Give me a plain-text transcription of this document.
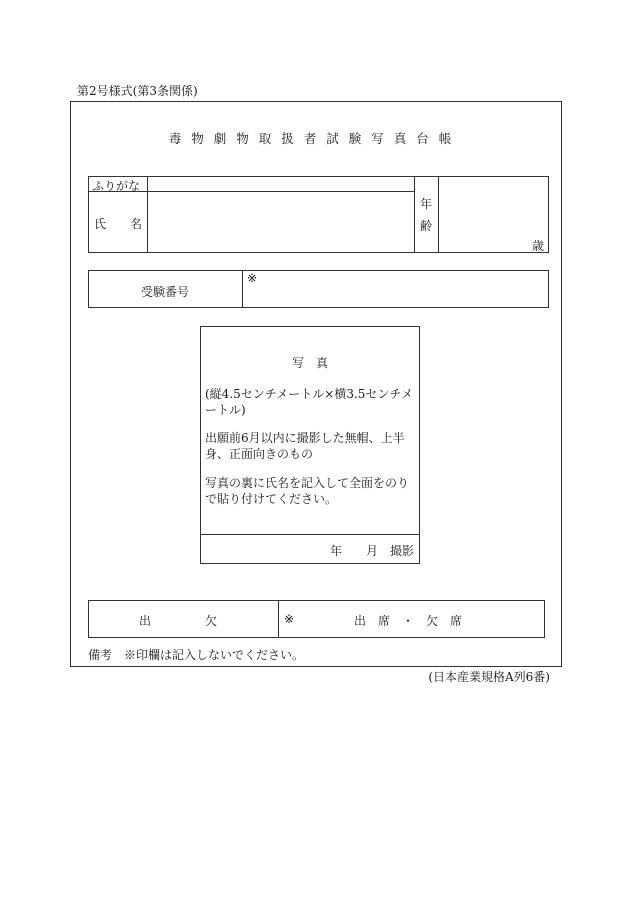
第2号様式(第3条関係)
毒物劇物取扱者試験写真台帳
ふりがな
氏　　名
年
齢
歳
受験番号
※
写　真
(縦4.5センチメートル×横3.5センチメートル)
出願前6月以内に撮影した無帽、上半身、正面向きのもの
写真の裏に氏名を記入して全面をのりで貼り付けてください。
年　　月　撮影
出　　欠	※	出　席　・　欠　席
備考　※印欄は記入しないでください。
(日本産業規格A列6番)
